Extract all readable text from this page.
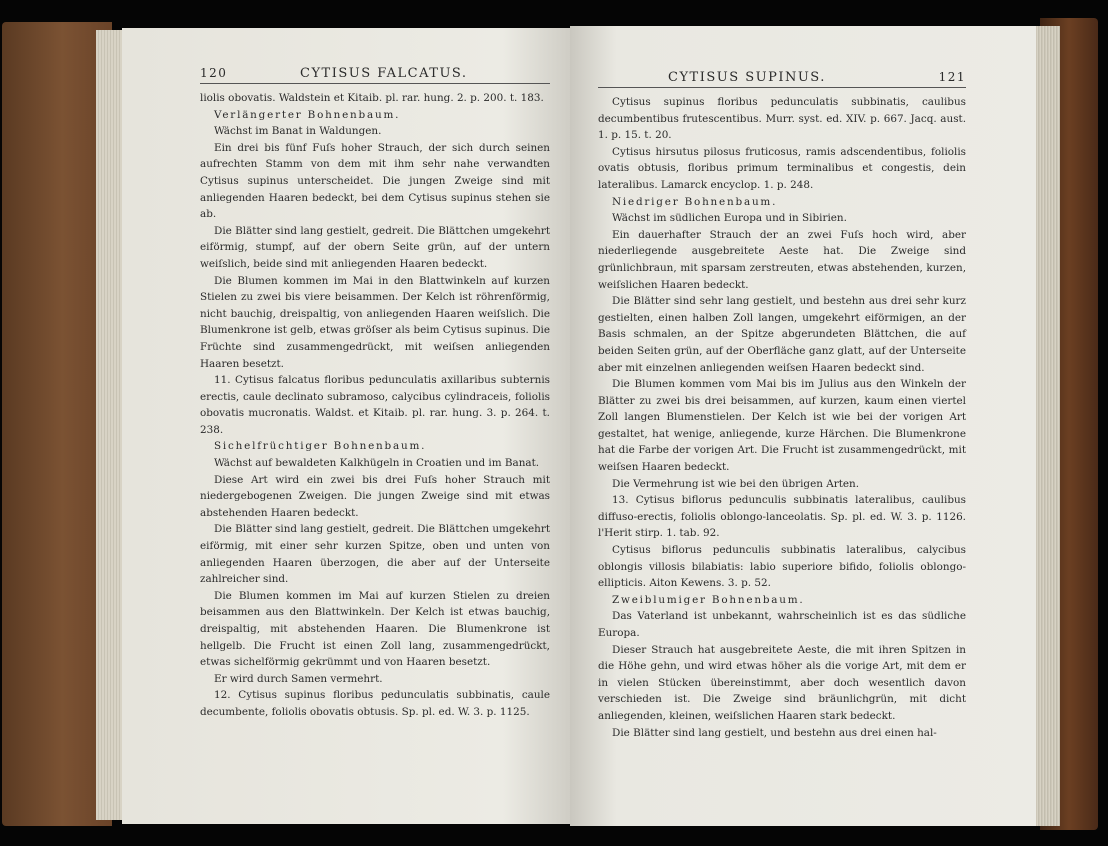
120	CYTISUS FALCATUS.

liolis obovatis. Waldstein et Kitaib. pl. rar. hung. 2. p. 200. t. 183.

Verlängerter Bohnenbaum.

Wächst im Banat in Waldungen.

Ein drei bis fünf Fuſs hoher Strauch, der sich durch seinen aufrechten Stamm von dem mit ihm sehr nahe verwandten Cytisus supinus unterscheidet. Die jungen Zweige sind mit anliegenden Haaren bedeckt, bei dem Cytisus supinus stehen sie ab.

Die Blätter sind lang gestielt, gedreit. Die Blättchen umgekehrt eiförmig, stumpf, auf der obern Seite grün, auf der untern weiſslich, beide sind mit anliegenden Haaren bedeckt.

Die Blumen kommen im Mai in den Blattwinkeln auf kurzen Stielen zu zwei bis viere beisammen. Der Kelch ist röhrenförmig, nicht bauchig, dreispaltig, von anliegenden Haaren weiſslich. Die Blumenkrone ist gelb, etwas gröſser als beim Cytisus supinus. Die Früchte sind zusammengedrückt, mit weiſsen anliegenden Haaren besetzt.

11. Cytisus falcatus floribus pedunculatis axillaribus subternis erectis, caule declinato subramoso, calycibus cylindraceis, foliolis obovatis mucronatis. Waldst. et Kitaib. pl. rar. hung. 3. p. 264. t. 238.

Sichelfrüchtiger Bohnenbaum.

Wächst auf bewaldeten Kalkhügeln in Croatien und im Banat.

Diese Art wird ein zwei bis drei Fuſs hoher Strauch mit niedergebogenen Zweigen. Die jungen Zweige sind mit etwas abstehenden Haaren bedeckt.

Die Blätter sind lang gestielt, gedreit. Die Blättchen umgekehrt eiförmig, mit einer sehr kurzen Spitze, oben und unten von anliegenden Haaren überzogen, die aber auf der Unterseite zahlreicher sind.

Die Blumen kommen im Mai auf kurzen Stielen zu dreien beisammen aus den Blattwinkeln. Der Kelch ist etwas bauchig, dreispaltig, mit abstehenden Haaren. Die Blumenkrone ist hellgelb. Die Frucht ist einen Zoll lang, zusammengedrückt, etwas sichelförmig gekrümmt und von Haaren besetzt.

Er wird durch Samen vermehrt.

12. Cytisus supinus floribus pedunculatis subbinatis, caule decumbente, foliolis obovatis obtusis. Sp. pl. ed. W. 3. p. 1125.

CYTISUS SUPINUS.	121

Cytisus supinus floribus pedunculatis subbinatis, caulibus decumbentibus frutescentibus. Murr. syst. ed. XIV. p. 667. Jacq. aust. 1. p. 15. t. 20.

Cytisus hirsutus pilosus fruticosus, ramis adscendentibus, foliolis ovatis obtusis, floribus primum terminalibus et congestis, dein lateralibus. Lamarck encyclop. 1. p. 248.

Niedriger Bohnenbaum.

Wächst im südlichen Europa und in Sibirien.

Ein dauerhafter Strauch der an zwei Fuſs hoch wird, aber niederliegende ausgebreitete Aeste hat. Die Zweige sind grünlichbraun, mit sparsam zerstreuten, etwas abstehenden, kurzen, weiſslichen Haaren bedeckt.

Die Blätter sind sehr lang gestielt, und bestehn aus drei sehr kurz gestielten, einen halben Zoll langen, umgekehrt eiförmigen, an der Basis schmalen, an der Spitze abgerundeten Blättchen, die auf beiden Seiten grün, auf der Oberfläche ganz glatt, auf der Unterseite aber mit einzelnen anliegenden weiſsen Haaren bedeckt sind.

Die Blumen kommen vom Mai bis im Julius aus den Winkeln der Blätter zu zwei bis drei beisammen, auf kurzen, kaum einen viertel Zoll langen Blumenstielen. Der Kelch ist wie bei der vorigen Art gestaltet, hat wenige, anliegende, kurze Härchen. Die Blumenkrone hat die Farbe der vorigen Art. Die Frucht ist zusammengedrückt, mit weiſsen Haaren bedeckt.

Die Vermehrung ist wie bei den übrigen Arten.

13. Cytisus biflorus pedunculis subbinatis lateralibus, caulibus diffuso-erectis, foliolis oblongo-lanceolatis. Sp. pl. ed. W. 3. p. 1126. l'Herit stirp. 1. tab. 92.

Cytisus biflorus pedunculis subbinatis lateralibus, calycibus oblongis villosis bilabiatis: labio superiore bifido, foliolis oblongo-ellipticis. Aiton Kewens. 3. p. 52.

Zweiblumiger Bohnenbaum.

Das Vaterland ist unbekannt, wahrscheinlich ist es das südliche Europa.

Dieser Strauch hat ausgebreitete Aeste, die mit ihren Spitzen in die Höhe gehn, und wird etwas höher als die vorige Art, mit dem er in vielen Stücken übereinstimmt, aber doch wesentlich davon verschieden ist. Die Zweige sind bräunlichgrün, mit dicht anliegenden, kleinen, weiſslichen Haaren stark bedeckt.

Die Blätter sind lang gestielt, und bestehn aus drei einen hal-
